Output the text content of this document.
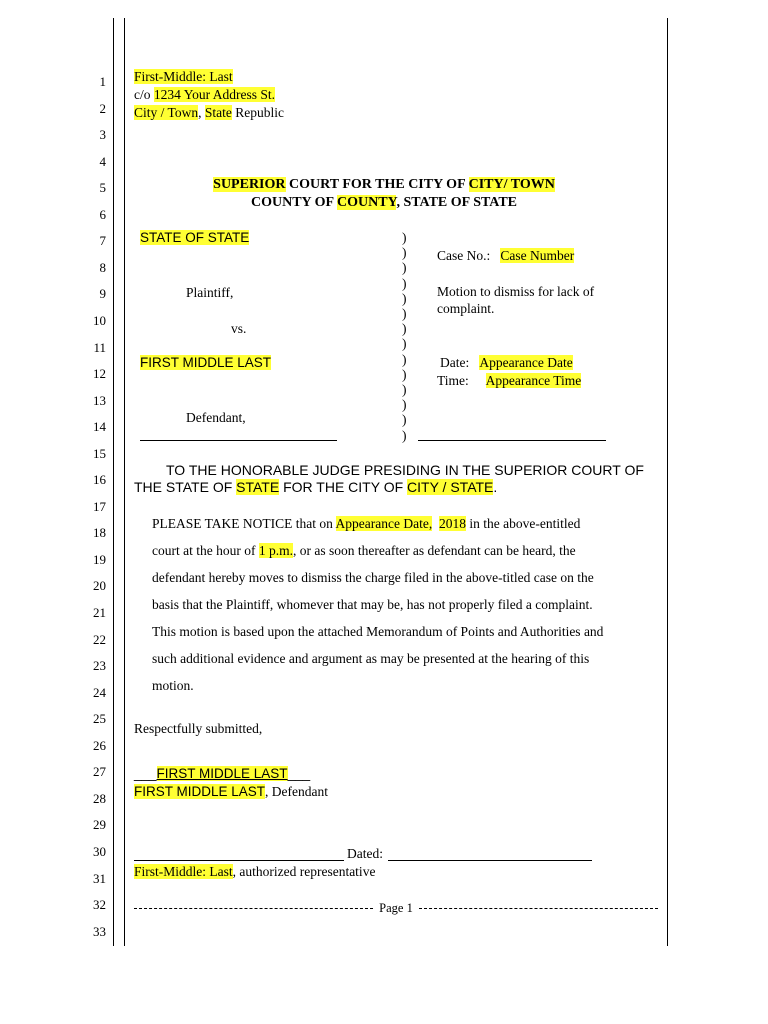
1
2
3
4
5
6
7
8
9
10
11
12
13
14
15
16
17
18
19
20
21
22
23
24
25
26
27
28
29
30
31
32
33
First-Middle: Last
c/o 1234 Your Address St.
City / Town, State Republic
SUPERIOR COURT FOR THE CITY OF CITY/ TOWN
COUNTY OF COUNTY, STATE OF STATE
STATE OF STATE
Plaintiff,
vs.
FIRST MIDDLE LAST
Defendant,
)
)
)
)
)
)
)
)
)
)
)
)
)
)
Case No.: Case Number
Motion to dismiss for lack of
complaint.
Date: Appearance Date
Time: Appearance Time
TO THE HONORABLE JUDGE PRESIDING IN THE SUPERIOR COURT OF
THE STATE OF STATE FOR THE CITY OF CITY / STATE.
PLEASE TAKE NOTICE that on Appearance Date, 2018 in the above-entitled
court at the hour of 1 p.m., or as soon thereafter as defendant can be heard, the
defendant hereby moves to dismiss the charge filed in the above-titled case on the
basis that the Plaintiff, whomever that may be, has not properly filed a complaint.
This motion is based upon the attached Memorandum of Points and Authorities and
such additional evidence and argument as may be presented at the hearing of this
motion.
Respectfully submitted,
___FIRST MIDDLE LAST___
FIRST MIDDLE LAST, Defendant
Dated:
First-Middle: Last, authorized representative
Page 1
